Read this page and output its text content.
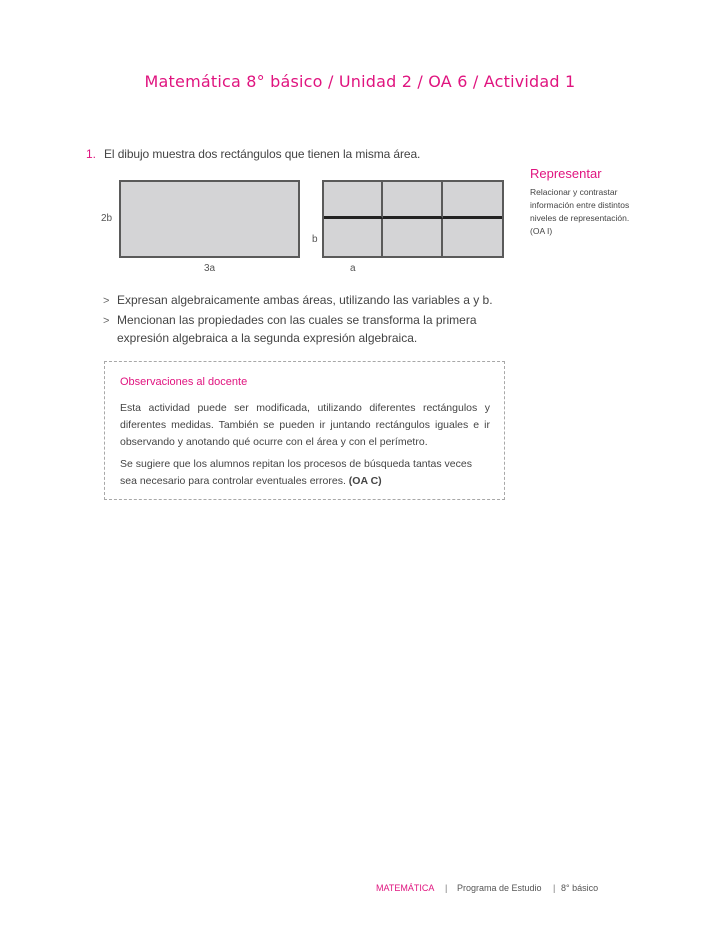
Matemática 8° básico / Unidad 2 / OA 6 / Actividad 1
1. El dibujo muestra dos rectángulos que tienen la misma área.
2b
3a
b
a
Representar
Relacionar y contrastar información entre distintos niveles de representación. (OA I)
> Expresan algebraicamente ambas áreas, utilizando las variables a y b.
> Mencionan las propiedades con las cuales se transforma la primera
expresión algebraica a la segunda expresión algebraica.
Observaciones al docente
Esta actividad puede ser modificada, utilizando diferentes rectángulos y diferentes medidas. También se pueden ir juntando rectángulos iguales e ir observando y anotando qué ocurre con el área y con el perímetro.
Se sugiere que los alumnos repitan los procesos de búsqueda tantas veces sea necesario para controlar eventuales errores. (OA C)
MATEMÁTICA | Programa de Estudio | 8° básico
